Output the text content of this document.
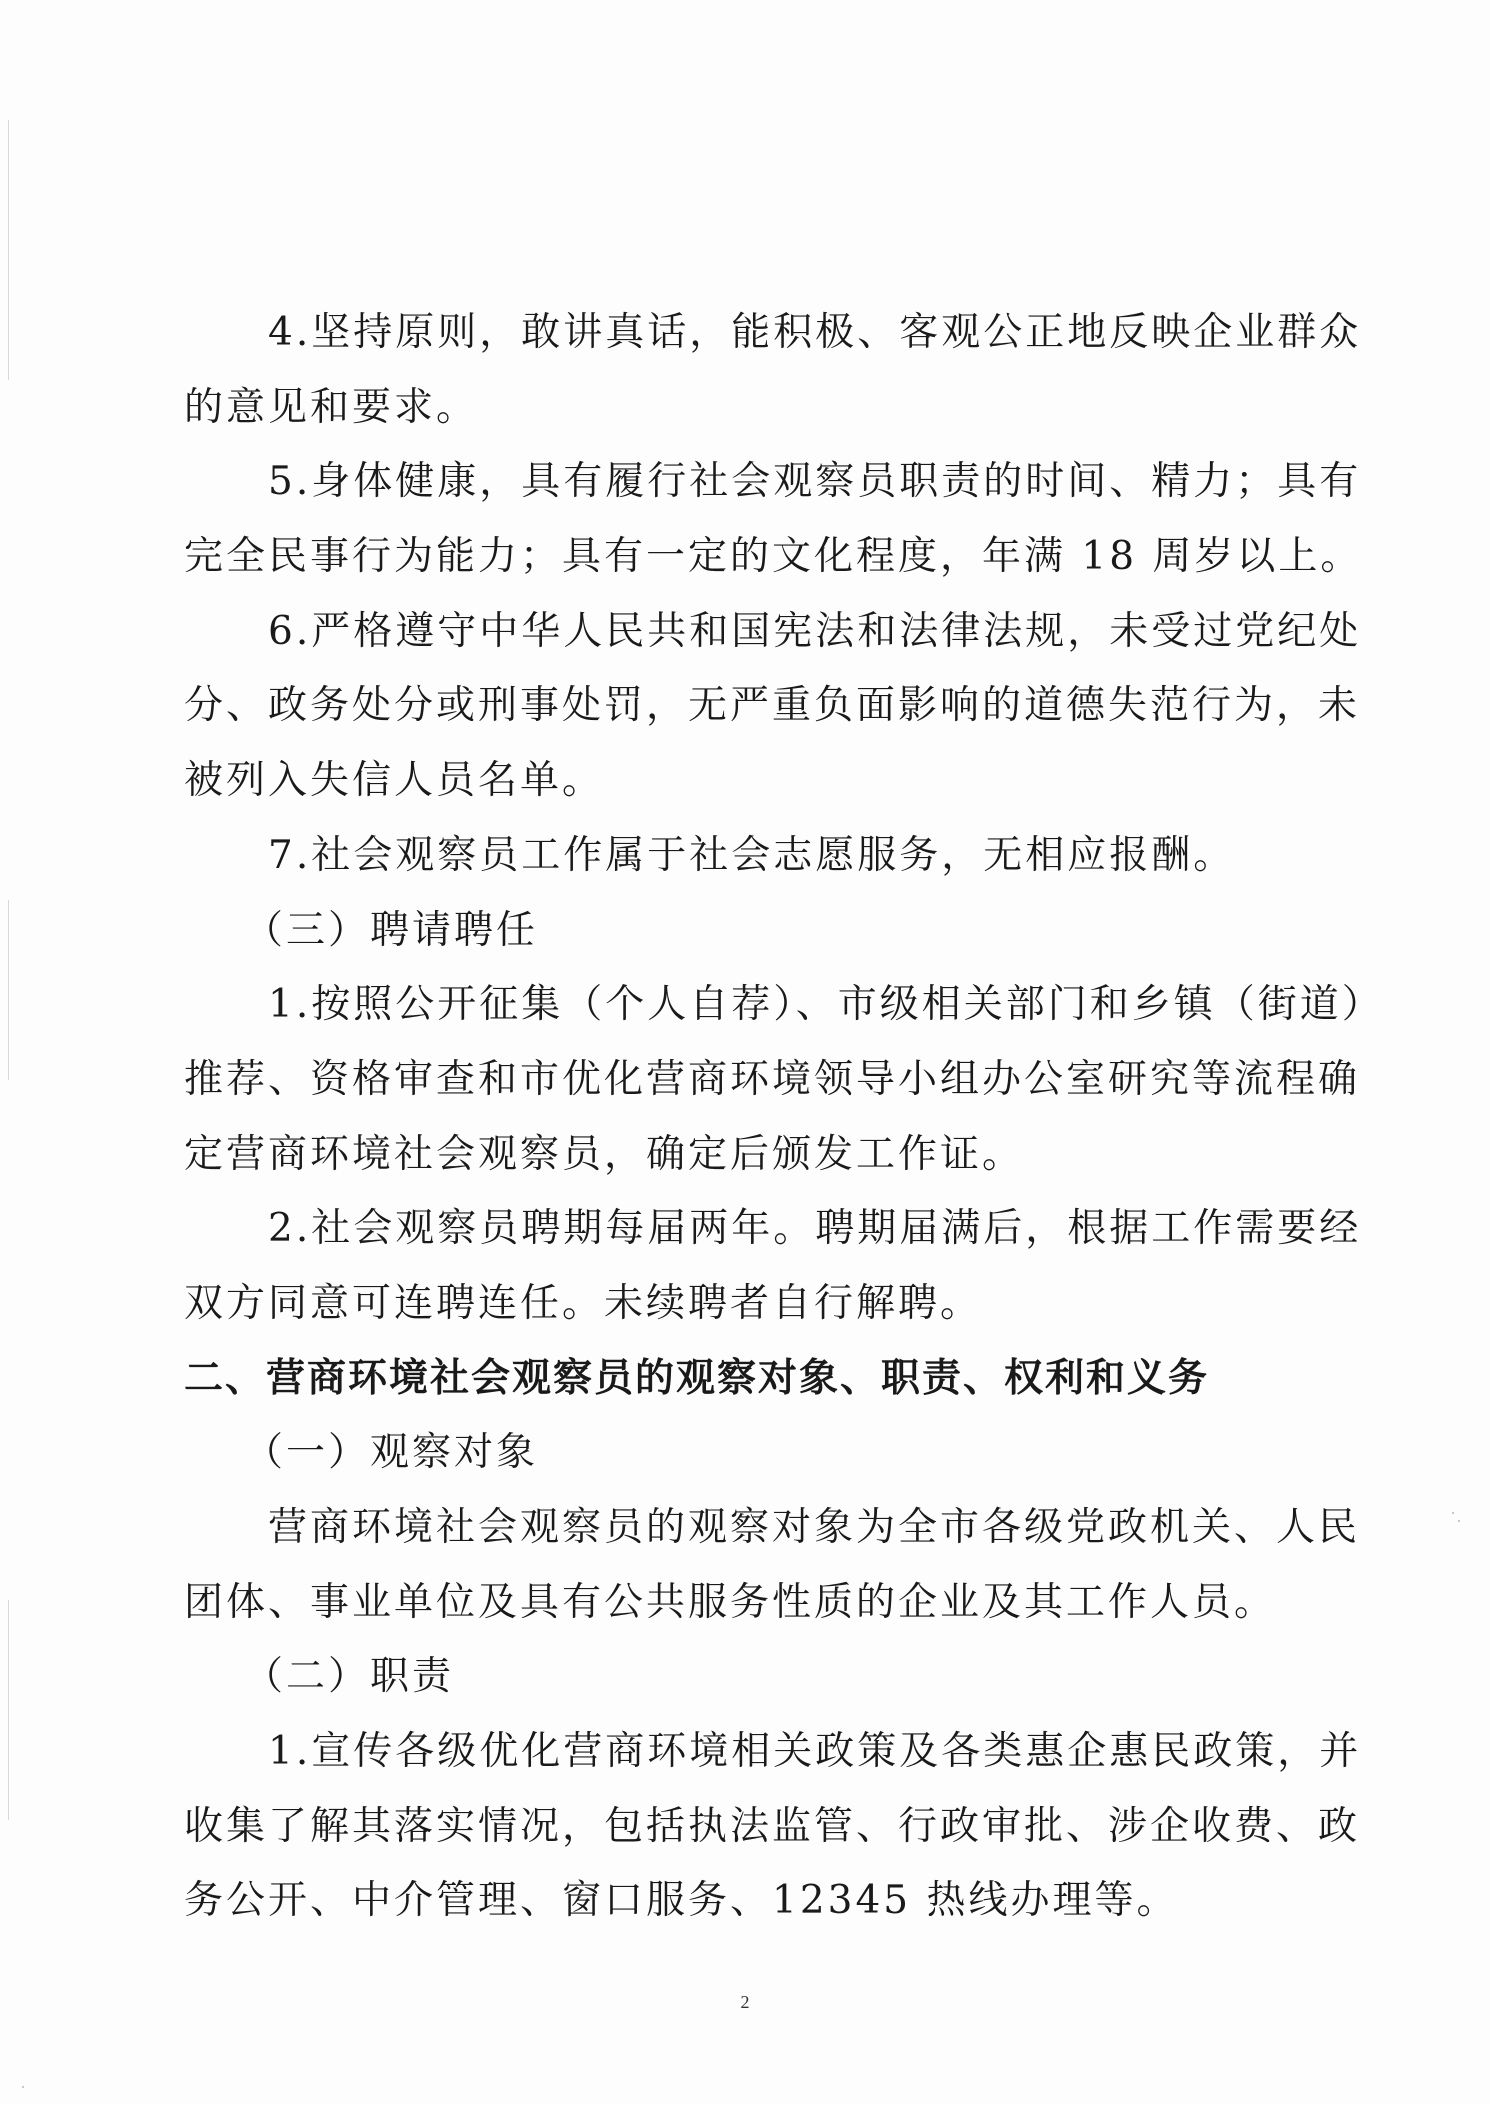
4.坚持原则，敢讲真话，能积极、客观公正地反映企业群众
的意见和要求。
5.身体健康，具有履行社会观察员职责的时间、精力；具有
完全民事行为能力；具有一定的文化程度，年满 18 周岁以上。
6.严格遵守中华人民共和国宪法和法律法规，未受过党纪处
分、政务处分或刑事处罚，无严重负面影响的道德失范行为，未
被列入失信人员名单。
7.社会观察员工作属于社会志愿服务，无相应报酬。
（三）聘请聘任
1.按照公开征集（个人自荐）、市级相关部门和乡镇（街道）
推荐、资格审查和市优化营商环境领导小组办公室研究等流程确
定营商环境社会观察员，确定后颁发工作证。
2.社会观察员聘期每届两年。聘期届满后，根据工作需要经
双方同意可连聘连任。未续聘者自行解聘。
二、营商环境社会观察员的观察对象、职责、权利和义务
（一）观察对象
营商环境社会观察员的观察对象为全市各级党政机关、人民
团体、事业单位及具有公共服务性质的企业及其工作人员。
（二）职责
1.宣传各级优化营商环境相关政策及各类惠企惠民政策，并
收集了解其落实情况，包括执法监管、行政审批、涉企收费、政
务公开、中介管理、窗口服务、12345 热线办理等。
2
